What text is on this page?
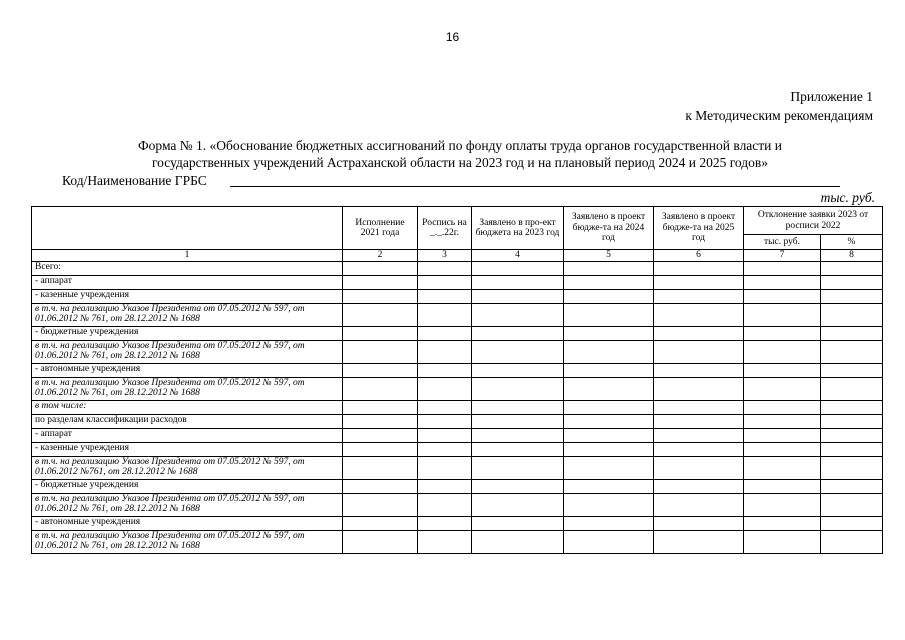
16
Приложение 1
к Методическим рекомендациям
Форма № 1. «Обоснование бюджетных ассигнований по фонду оплаты труда органов государственной власти и
государственных учреждений Астраханской области на 2023 год и на плановый период 2024 и 2025 годов»
Код/Наименование ГРБС
тыс. руб.
	Исполнение 2021 года	Роспись на _._.22г.	Заявлено в про-ект бюджета на 2023 год	Заявлено в проект бюдже-та на 2024 год	Заявлено в проект бюдже-та на 2025 год	Отклонение заявки 2023 от росписи 2022	
						тыс. руб.	%
1	2	3	4	5	6	7	8
Всего:							
- аппарат							
- казенные учреждения							
в т.ч. на реализацию Указов Президента от 07.05.2012 № 597, от 01.06.2012 № 761, от 28.12.2012 № 1688							
- бюджетные учреждения							
в т.ч. на реализацию Указов Президента от 07.05.2012 № 597, от 01.06.2012 № 761, от 28.12.2012 № 1688							
- автономные учреждения							
в т.ч. на реализацию Указов Президента от 07.05.2012 № 597, от 01.06.2012 № 761, от 28.12.2012 № 1688							
в том числе:							
по разделам классификации расходов							
- аппарат							
- казенные учреждения							
в т.ч. на реализацию Указов Президента от 07.05.2012 № 597, от 01.06.2012 №761, от 28.12.2012 № 1688							
- бюджетные учреждения							
в т.ч. на реализацию Указов Президента от 07.05.2012 № 597, от 01.06.2012 № 761, от 28.12.2012 № 1688							
- автономные учреждения							
в т.ч. на реализацию Указов Президента от 07.05.2012 № 597, от 01.06.2012 № 761, от 28.12.2012 № 1688							
